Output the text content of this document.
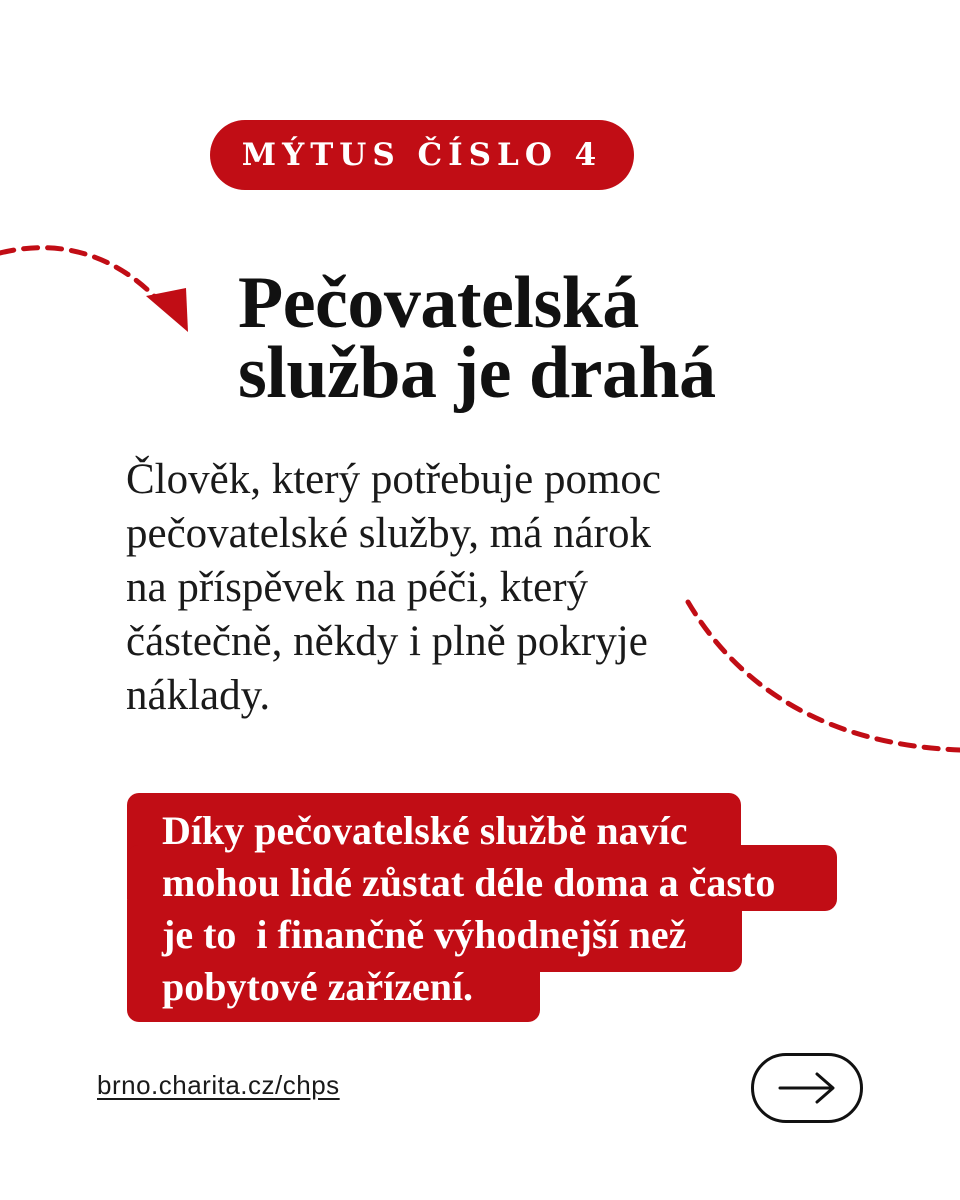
MÝTUS ČÍSLO 4
Pečovatelská
služba je drahá

Člověk, který potřebuje pomoc
pečovatelské služby, má nárok
na příspěvek na péči, který
částečně, někdy i plně pokryje
náklady.

Díky pečovatelské službě navíc
mohou lidé zůstat déle doma a často
je to  i finančně výhodnejší než
pobytové zařízení.

brno.charita.cz/chps
